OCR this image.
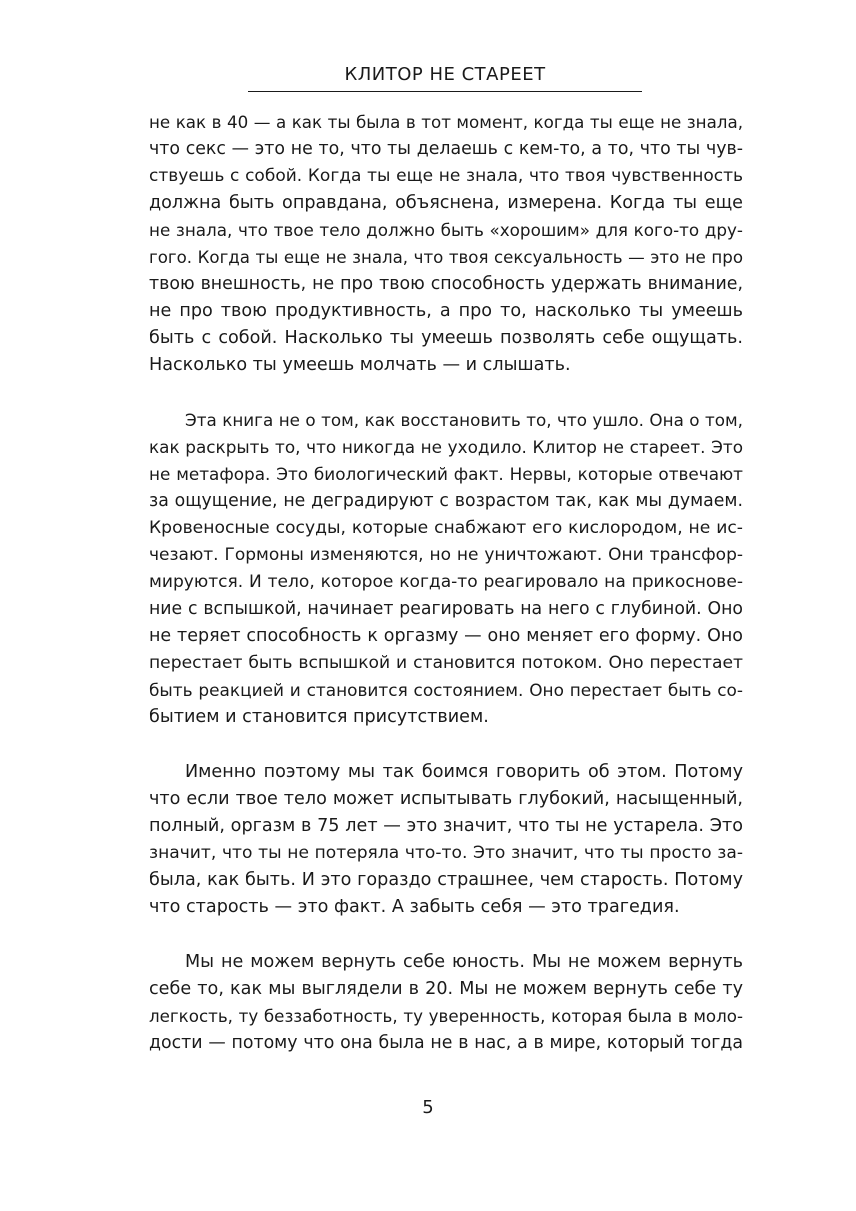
КЛИТОР НЕ СТАРЕЕТ

не как в 40 — а как ты была в тот момент, когда ты еще не знала,
что секс — это не то, что ты делаешь с кем-то, а то, что ты чув-
ствуешь с собой. Когда ты еще не знала, что твоя чувственность
должна быть оправдана, объяснена, измерена. Когда ты еще
не знала, что твое тело должно быть «хорошим» для кого-то дру-
гого. Когда ты еще не знала, что твоя сексуальность — это не про
твою внешность, не про твою способность удержать внимание,
не про твою продуктивность, а про то, насколько ты умеешь
быть с собой. Насколько ты умеешь позволять себе ощущать.
Насколько ты умеешь молчать — и слышать.

Эта книга не о том, как восстановить то, что ушло. Она о том,
как раскрыть то, что никогда не уходило. Клитор не стареет. Это
не метафора. Это биологический факт. Нервы, которые отвечают
за ощущение, не деградируют с возрастом так, как мы думаем.
Кровеносные сосуды, которые снабжают его кислородом, не ис-
чезают. Гормоны изменяются, но не уничтожают. Они трансфор-
мируются. И тело, которое когда-то реагировало на прикоснове-
ние с вспышкой, начинает реагировать на него с глубиной. Оно
не теряет способность к оргазму — оно меняет его форму. Оно
перестает быть вспышкой и становится потоком. Оно перестает
быть реакцией и становится состоянием. Оно перестает быть со-
бытием и становится присутствием.

Именно поэтому мы так боимся говорить об этом. Потому
что если твое тело может испытывать глубокий, насыщенный,
полный, оргазм в 75 лет — это значит, что ты не устарела. Это
значит, что ты не потеряла что-то. Это значит, что ты просто за-
была, как быть. И это гораздо страшнее, чем старость. Потому
что старость — это факт. А забыть себя — это трагедия.

Мы не можем вернуть себе юность. Мы не можем вернуть
себе то, как мы выглядели в 20. Мы не можем вернуть себе ту
легкость, ту беззаботность, ту уверенность, которая была в моло-
дости — потому что она была не в нас, а в мире, который тогда

5
